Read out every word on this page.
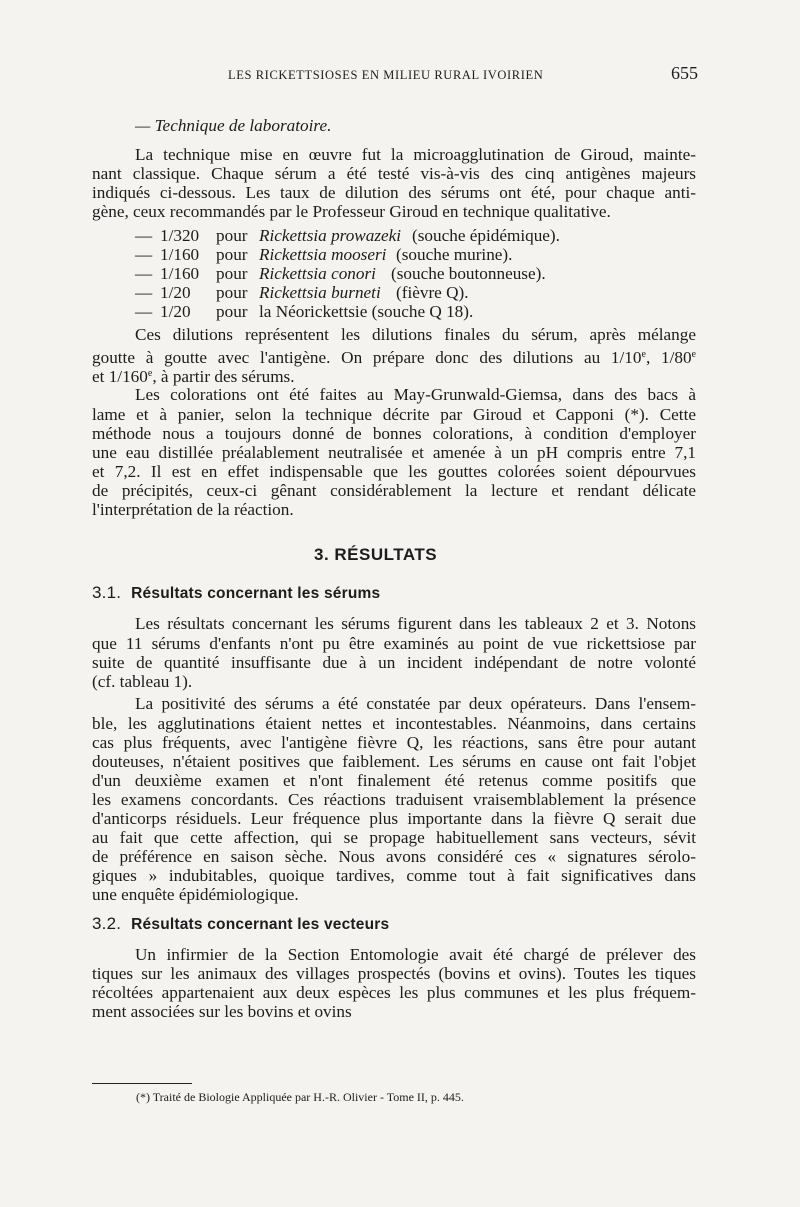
LES RICKETTSIOSES EN MILIEU RURAL IVOIRIEN	655
— Technique de laboratoire.
La technique mise en œuvre fut la microagglutination de Giroud, mainte-
nant classique. Chaque sérum a été testé vis-à-vis des cinq antigènes majeurs
indiqués ci-dessous. Les taux de dilution des sérums ont été, pour chaque anti-
gène, ceux recommandés par le Professeur Giroud en technique qualitative.
— 1/320 pour Rickettsia prowazeki (souche épidémique).
— 1/160 pour Rickettsia mooseri (souche murine).
— 1/160 pour Rickettsia conori (souche boutonneuse).
— 1/20 pour Rickettsia burneti (fièvre Q).
— 1/20 pour la Néorickettsie (souche Q 18).
Ces dilutions représentent les dilutions finales du sérum, après mélange
goutte à goutte avec l'antigène. On prépare donc des dilutions au 1/10e, 1/80e
et 1/160e, à partir des sérums.
Les colorations ont été faites au May-Grunwald-Giemsa, dans des bacs à
lame et à panier, selon la technique décrite par Giroud et Capponi (*). Cette
méthode nous a toujours donné de bonnes colorations, à condition d'employer
une eau distillée préalablement neutralisée et amenée à un pH compris entre 7,1
et 7,2. Il est en effet indispensable que les gouttes colorées soient dépourvues
de précipités, ceux-ci gênant considérablement la lecture et rendant délicate
l'interprétation de la réaction.
3. RÉSULTATS
3.1. Résultats concernant les sérums
Les résultats concernant les sérums figurent dans les tableaux 2 et 3. Notons
que 11 sérums d'enfants n'ont pu être examinés au point de vue rickettsiose par
suite de quantité insuffisante due à un incident indépendant de notre volonté
(cf. tableau 1).
La positivité des sérums a été constatée par deux opérateurs. Dans l'ensem-
ble, les agglutinations étaient nettes et incontestables. Néanmoins, dans certains
cas plus fréquents, avec l'antigène fièvre Q, les réactions, sans être pour autant
douteuses, n'étaient positives que faiblement. Les sérums en cause ont fait l'objet
d'un deuxième examen et n'ont finalement été retenus comme positifs que
les examens concordants. Ces réactions traduisent vraisemblablement la présence
d'anticorps résiduels. Leur fréquence plus importante dans la fièvre Q serait due
au fait que cette affection, qui se propage habituellement sans vecteurs, sévit
de préférence en saison sèche. Nous avons considéré ces « signatures sérolo-
giques » indubitables, quoique tardives, comme tout à fait significatives dans
une enquête épidémiologique.
3.2. Résultats concernant les vecteurs
Un infirmier de la Section Entomologie avait été chargé de prélever des
tiques sur les animaux des villages prospectés (bovins et ovins). Toutes les tiques
récoltées appartenaient aux deux espèces les plus communes et les plus fréquem-
ment associées sur les bovins et ovins
(*) Traité de Biologie Appliquée par H.-R. Olivier - Tome II, p. 445.
